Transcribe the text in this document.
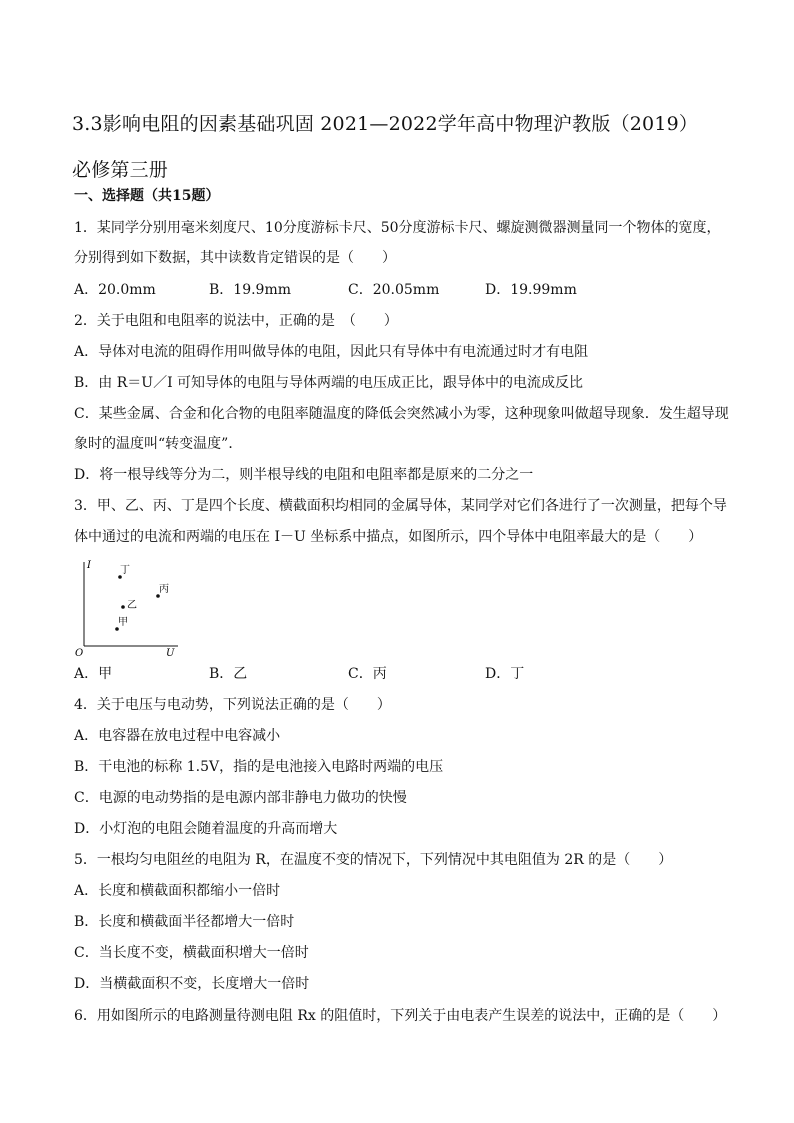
3.3影响电阻的因素基础巩固 2021—2022学年高中物理沪教版（2019）
必修第三册
一、选择题（共15题）
1．某同学分别用毫米刻度尺、10分度游标卡尺、50分度游标卡尺、螺旋测微器测量同一个物体的宽度，
分别得到如下数据，其中读数肯定错误的是（　　）
A．20.0mm	B．19.9mm	C．20.05mm	D．19.99mm
2．关于电阻和电阻率的说法中，正确的是　（　　）
A．导体对电流的阻碍作用叫做导体的电阻，因此只有导体中有电流通过时才有电阻
B．由 R＝U／I 可知导体的电阻与导体两端的电压成正比，跟导体中的电流成反比
C．某些金属、合金和化合物的电阻率随温度的降低会突然减小为零，这种现象叫做超导现象．发生超导现
象时的温度叫“转变温度”．
D．将一根导线等分为二，则半根导线的电阻和电阻率都是原来的二分之一
3．甲、乙、丙、丁是四个长度、横截面积均相同的金属导体，某同学对它们各进行了一次测量，把每个导
体中通过的电流和两端的电压在 I－U 坐标系中描点，如图所示，四个导体中电阻率最大的是（　　）
I
U
O
丁
丙
乙
甲
A．甲	B．乙	C．丙	D．丁
4．关于电压与电动势，下列说法正确的是（　　）
A．电容器在放电过程中电容减小
B．干电池的标称 1.5V，指的是电池接入电路时两端的电压
C．电源的电动势指的是电源内部非静电力做功的快慢
D．小灯泡的电阻会随着温度的升高而增大
5．一根均匀电阻丝的电阻为 R，在温度不变的情况下，下列情况中其电阻值为 2R 的是（　　）
A．长度和横截面积都缩小一倍时
B．长度和横截面半径都增大一倍时
C．当长度不变，横截面积增大一倍时
D．当横截面积不变，长度增大一倍时
6．用如图所示的电路测量待测电阻 Rx 的阻值时，下列关于由电表产生误差的说法中，正确的是（　　）
